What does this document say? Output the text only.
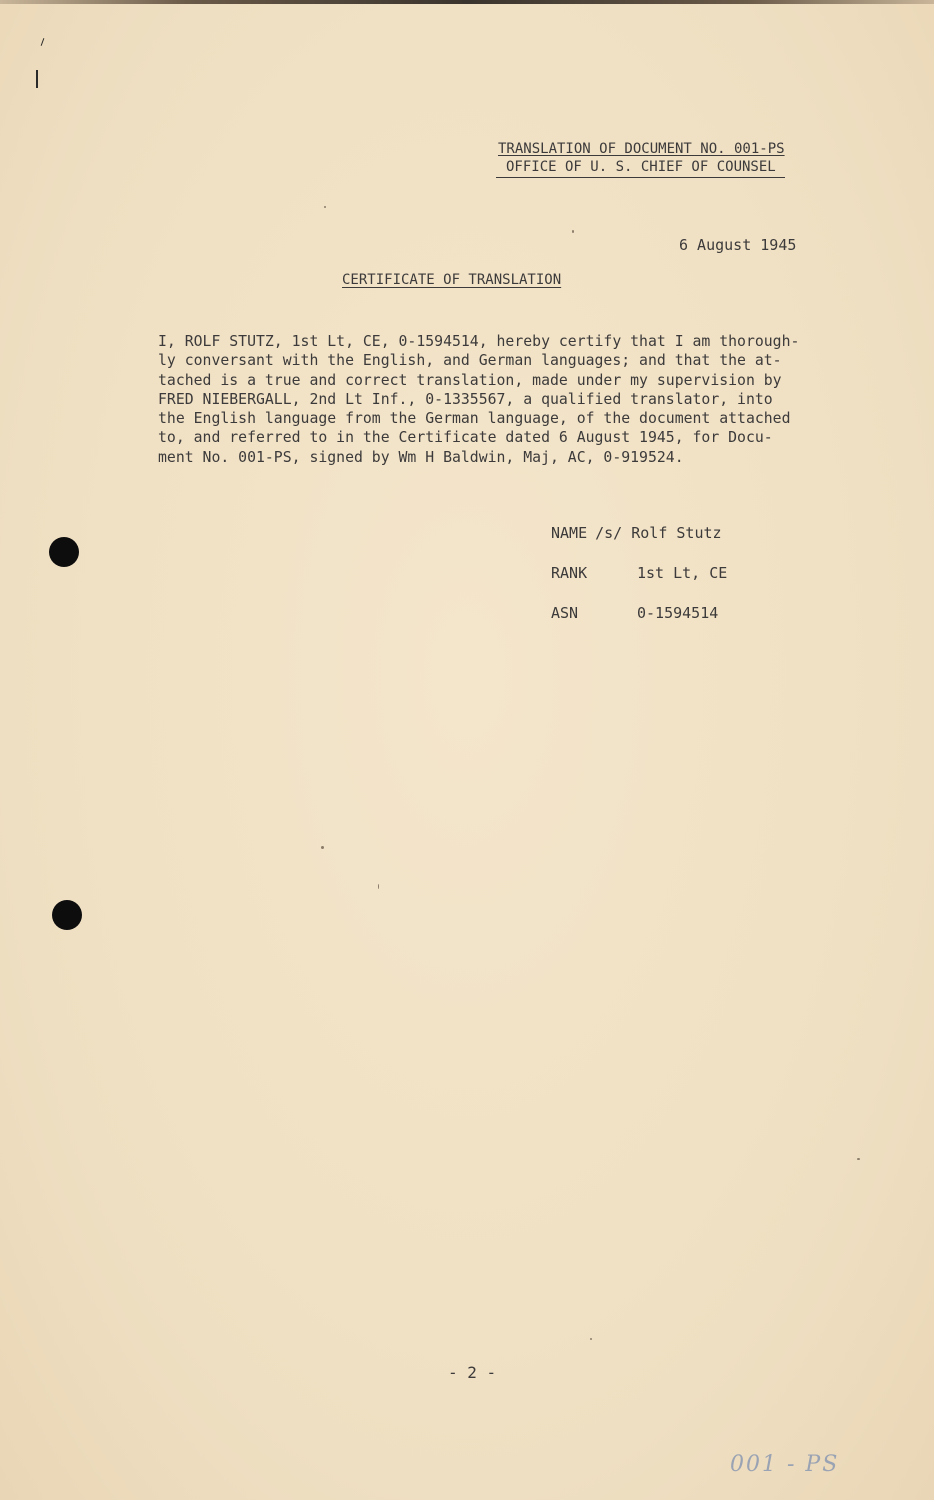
TRANSLATION OF DOCUMENT NO. 001-PS
OFFICE OF U. S. CHIEF OF COUNSEL
6 August 1945
CERTIFICATE OF TRANSLATION

I, ROLF STUTZ, 1st Lt, CE, 0-1594514, hereby certify that I am thorough-
ly conversant with the English, and German languages; and that the at-
tached is a true and correct translation, made under my supervision by
FRED NIEBERGALL, 2nd Lt Inf., 0-1335567, a qualified translator, into
the English language from the German language, of the document attached
to, and referred to in the Certificate dated 6 August 1945, for Docu-
ment No. 001-PS, signed by Wm H Baldwin, Maj, AC, 0-919524.

NAME /s/ Rolf Stutz
RANK	1st Lt, CE
ASN	0-1594514
- 2 -
001 - PS
